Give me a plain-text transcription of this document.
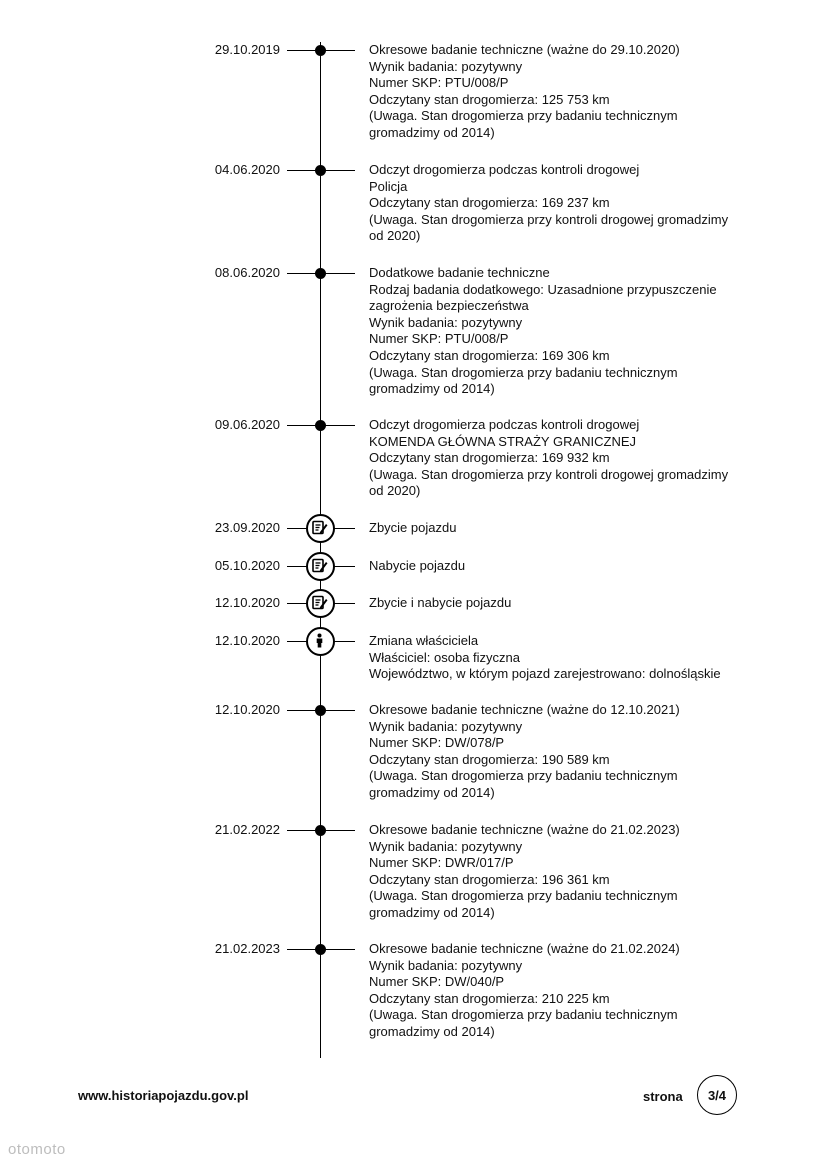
29.10.2019	Okresowe badanie techniczne (ważne do 29.10.2020)
Wynik badania: pozytywny
Numer SKP: PTU/008/P
Odczytany stan drogomierza: 125 753 km
(Uwaga. Stan drogomierza przy badaniu technicznym
gromadzimy od 2014)
04.06.2020	Odczyt drogomierza podczas kontroli drogowej
Policja
Odczytany stan drogomierza: 169 237 km
(Uwaga. Stan drogomierza przy kontroli drogowej gromadzimy
od 2020)
08.06.2020	Dodatkowe badanie techniczne
Rodzaj badania dodatkowego: Uzasadnione przypuszczenie
zagrożenia bezpieczeństwa
Wynik badania: pozytywny
Numer SKP: PTU/008/P
Odczytany stan drogomierza: 169 306 km
(Uwaga. Stan drogomierza przy badaniu technicznym
gromadzimy od 2014)
09.06.2020	Odczyt drogomierza podczas kontroli drogowej
KOMENDA GŁÓWNA STRAŻY GRANICZNEJ
Odczytany stan drogomierza: 169 932 km
(Uwaga. Stan drogomierza przy kontroli drogowej gromadzimy
od 2020)
23.09.2020	Zbycie pojazdu
05.10.2020	Nabycie pojazdu
12.10.2020	Zbycie i nabycie pojazdu
12.10.2020	Zmiana właściciela
Właściciel: osoba fizyczna
Województwo, w którym pojazd zarejestrowano: dolnośląskie
12.10.2020	Okresowe badanie techniczne (ważne do 12.10.2021)
Wynik badania: pozytywny
Numer SKP: DW/078/P
Odczytany stan drogomierza: 190 589 km
(Uwaga. Stan drogomierza przy badaniu technicznym
gromadzimy od 2014)
21.02.2022	Okresowe badanie techniczne (ważne do 21.02.2023)
Wynik badania: pozytywny
Numer SKP: DWR/017/P
Odczytany stan drogomierza: 196 361 km
(Uwaga. Stan drogomierza przy badaniu technicznym
gromadzimy od 2014)
21.02.2023	Okresowe badanie techniczne (ważne do 21.02.2024)
Wynik badania: pozytywny
Numer SKP: DW/040/P
Odczytany stan drogomierza: 210 225 km
(Uwaga. Stan drogomierza przy badaniu technicznym
gromadzimy od 2014)
www.historiapojazdu.gov.pl	strona 3/4
otomoto
